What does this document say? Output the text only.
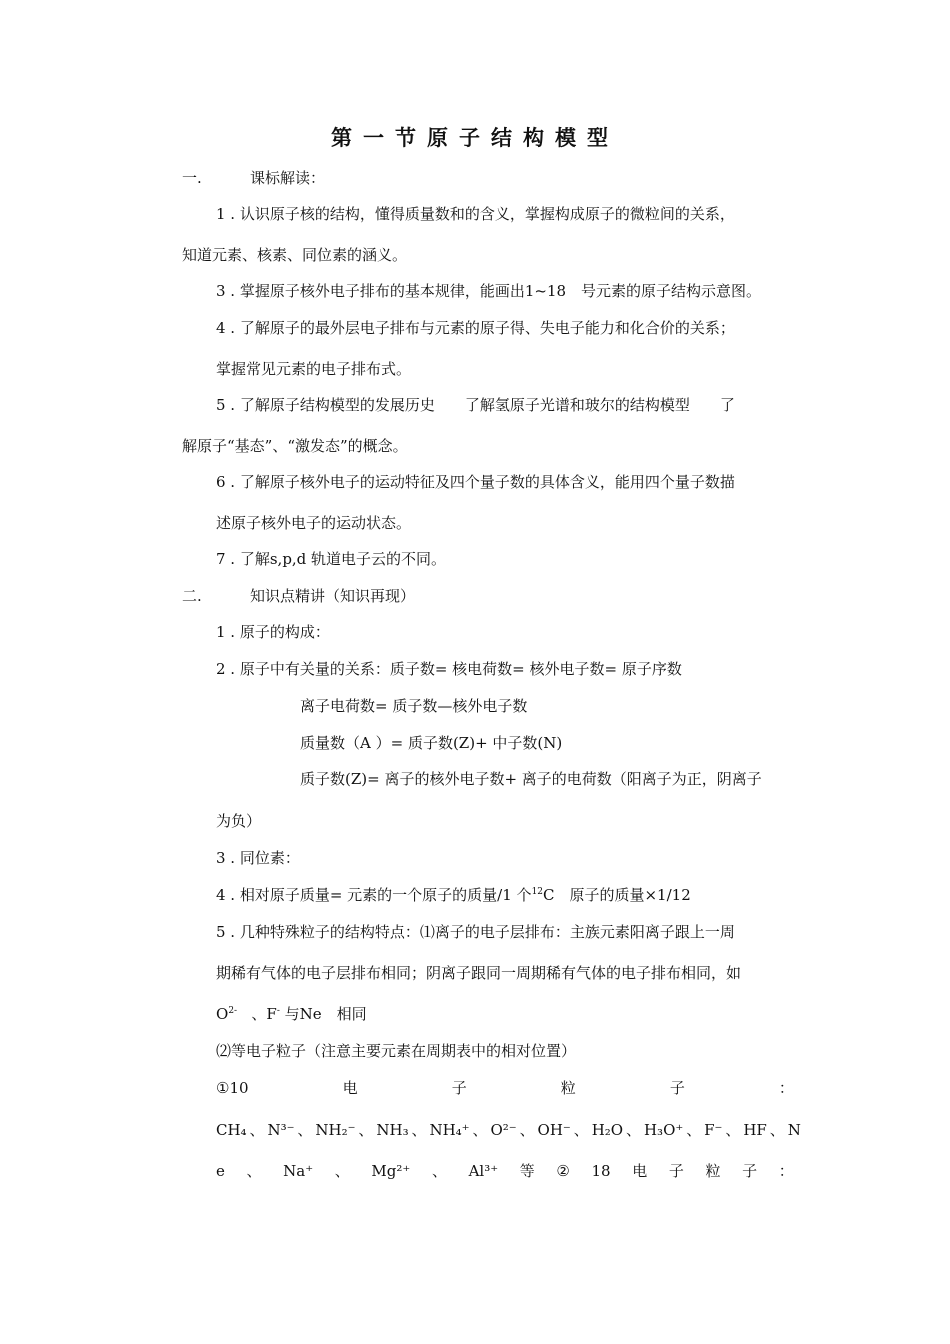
第一节原子结构模型
一.	课标解读：
1 . 认识原子核的结构，懂得质量数和的含义，掌握构成原子的微粒间的关系，
知道元素、核素、同位素的涵义。
3 . 掌握原子核外电子排布的基本规律，能画出1~18　号元素的原子结构示意图。
4 . 了解原子的最外层电子排布与元素的原子得、失电子能力和化合价的关系；
掌握常见元素的电子排布式。
5 . 了解原子结构模型的发展历史　　了解氢原子光谱和玻尔的结构模型　　了
解原子“基态”、“激发态”的概念。
6 . 了解原子核外电子的运动特征及四个量子数的具体含义，能用四个量子数描
述原子核外电子的运动状态。
7 . 了解s,p,d 轨道电子云的不同。
二.	知识点精讲（知识再现）
1 . 原子的构成：
2 . 原子中有关量的关系：质子数= 核电荷数= 核外电子数= 原子序数
离子电荷数= 质子数—核外电子数
质量数（A ）= 质子数(Z)+ 中子数(N)
质子数(Z)= 离子的核外电子数+ 离子的电荷数（阳离子为正，阴离子
为负）
3 . 同位素：
4 . 相对原子质量= 元素的一个原子的质量/1 个$^{12}$C　原子的质量×1/12
5 . 几种特殊粒子的结构特点：⑴离子的电子层排布：主族元素阳离子跟上一周
期稀有气体的电子层排布相同；阴离子跟同一周期稀有气体的电子排布相同，如
$O^{2-}$ 、F- 与Ne　相同
⑵等电子粒子（注意主要元素在周期表中的相对位置）
①10	电	子	粒	子	：
CH₄ 、 N³⁻ 、 NH₂⁻ 、 NH₃ 、 NH₄⁺ 、 O²⁻ 、 OH⁻ 、 H₂O 、 H₃O⁺ 、 F⁻ 、 HF 、 N
e 、 Na⁺ 、 Mg²⁺ 、 Al³⁺ 等 ② 18 电 子 粒 子 ：
